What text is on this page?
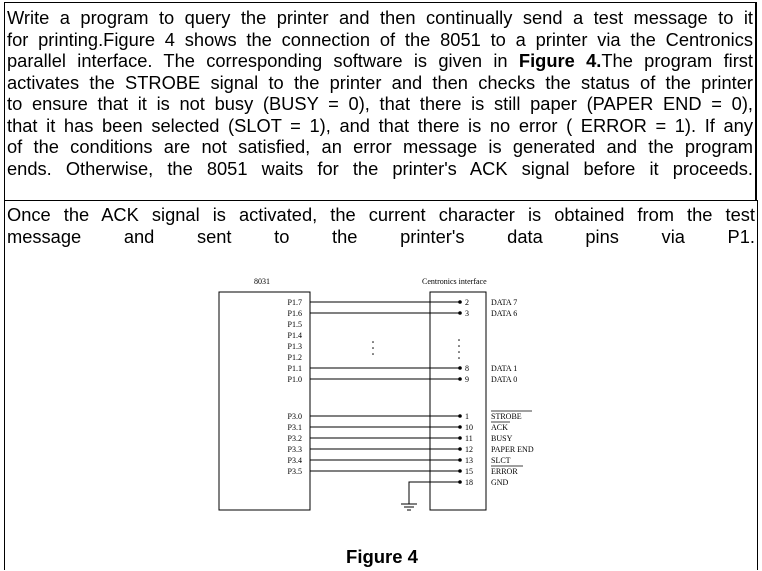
Write a program to query the printer and then continually send a test message to it
for printing.Figure 4 shows the connection of the 8051 to a printer via the Centronics
parallel interface. The corresponding software is given in Figure 4.The program first
activates the STROBE signal to the printer and then checks the status of the printer
to ensure that it is not busy (BUSY = 0), that there is still paper (PAPER END = 0),
that it has been selected (SLOT = 1), and that there is no error ( ERROR = 1). If any
of the conditions are not satisfied, an error message is generated and the program
ends. Otherwise, the 8051 waits for the printer's ACK signal before it proceeds.
Once the ACK signal is activated, the current character is obtained from the test
message and sent to the printer's data pins via P1.
8031	Centronics interface
P1.7
P1.6
P1.5
P1.4
P1.3
P1.2
P1.1
P1.0
P3.0
P3.1
P3.2
P3.3
P3.4
P3.5
2
3
8
9
1
10
11
12
13
15
18
DATA 7
DATA 6
DATA 1
DATA 0
STROBE
ACK
BUSY
PAPER END
SLCT
ERROR
GND
Figure 4
